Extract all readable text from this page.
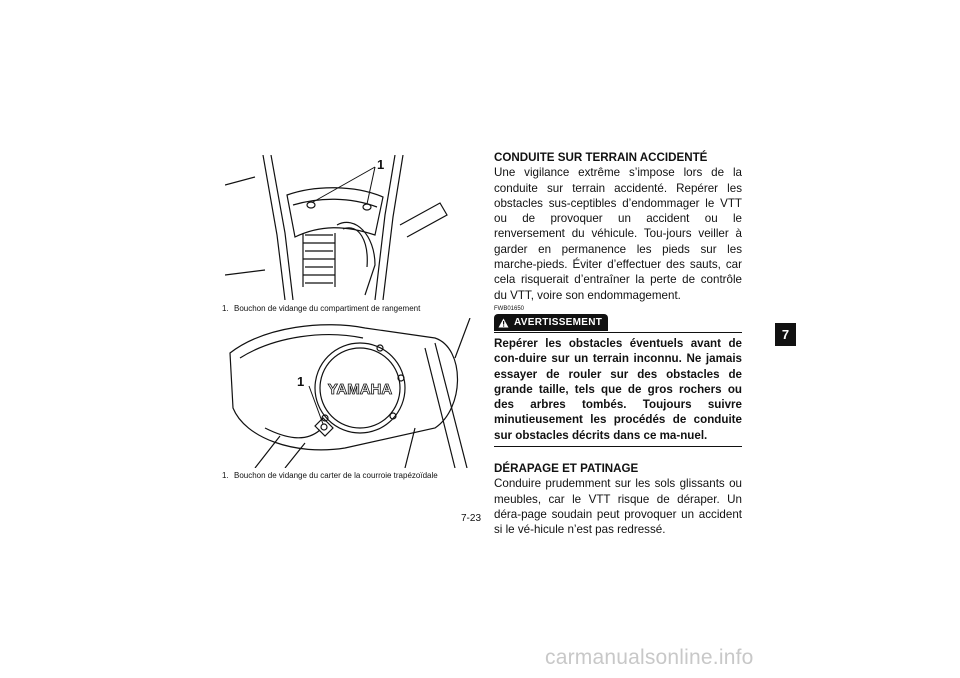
1
1. Bouchon de vidange du compartiment de rangement
YAMAHA
1
1. Bouchon de vidange du carter de la courroie trapézoïdale
CONDUITE SUR TERRAIN ACCIDENTÉ
Une vigilance extrême s’impose lors de la conduite sur terrain accidenté. Repérer les obstacles sus-ceptibles d’endommager le VTT ou de provoquer un accident ou le renversement du véhicule. Tou-jours veiller à garder en permanence les pieds sur les marche-pieds. Éviter d’effectuer des sauts, car cela risquerait d’entraîner la perte de contrôle du VTT, voire son endommagement.
FWB01650
AVERTISSEMENT
Repérer les obstacles éventuels avant de con-duire sur un terrain inconnu. Ne jamais essayer de rouler sur des obstacles de grande taille, tels que de gros rochers ou des arbres tombés. Toujours suivre minutieusement les procédés de conduite sur obstacles décrits dans ce ma-nuel.
DÉRAPAGE ET PATINAGE
Conduire prudemment sur les sols glissants ou meubles, car le VTT risque de déraper. Un déra-page soudain peut provoquer un accident si le vé-hicule n’est pas redressé.
7
7-23
carmanualsonline.info
